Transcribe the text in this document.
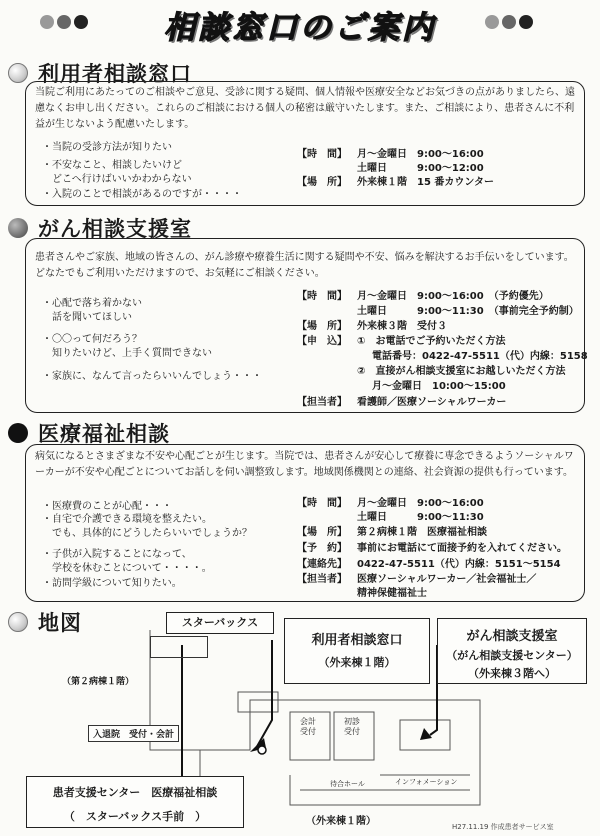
相談窓口のご案内
利用者相談窓口
当院ご利用にあたってのご相談やご意見、受診に関する疑問、個人情報や医療安全などお気づきの点がありましたら、遠慮なくお申し出ください。これらのご相談における個人の秘密は厳守いたします。また、ご相談により、患者さんに不利益が生じないよう配慮いたします。
・当院の受診方法が知りたい
・不安なこと、相談したいけど
　どこへ行けばいいかわからない
・入院のことで相談があるのですが・・・・
【時　間】 月～金曜日　9:00～16:00
土曜日　　　9:00～12:00
【場　所】 外来棟１階　15 番カウンター
がん相談支援室
患者さんやご家族、地域の皆さんの、がん診療や療養生活に関する疑問や不安、悩みを解決するお手伝いをしています。どなたでもご利用いただけますので、お気軽にご相談ください。
・心配で落ち着かない
　話を聞いてほしい
・〇〇って何だろう？
　知りたいけど、上手く質問できない
・家族に、なんて言ったらいいんでしょう・・・
【時　間】 月～金曜日　9:00～16:00　（予約優先）
土曜日　　　9:00～11:30　（事前完全予約制）
【場　所】 外来棟３階　受付３
【申　込】 ①　お電話でご予約いただく方法
電話番号：0422-47-5511（代）内線：5158
②　直接がん相談支援室にお越しいただく方法
月～金曜日　10:00～15:00
【担当者】 看護師／医療ソーシャルワーカー
医療福祉相談
病気になるとさまざまな不安や心配ごとが生じます。当院では、患者さんが安心して療養に専念できるようソーシャルワーカーが不安や心配ごとについてお話しを伺い調整致します。地域関係機関との連絡、社会資源の提供も行っています。
・医療費のことが心配・・・
・自宅で介護できる環境を整えたい。
　でも、具体的にどうしたらいいでしょうか？
・子供が入院することになって、
　学校を休むことについて・・・・。
・訪問学級について知りたい。
【時　間】 月～金曜日　9:00～16:00
土曜日　　　9:00～11:30
【場　所】 第２病棟１階　医療福祉相談
【予　約】 事前にお電話にて面接予約を入れてください。
【連絡先】 0422-47-5511（代）内線：5151～5154
【担当者】 医療ソーシャルワーカー／社会福祉士／
精神保健福祉士
地図	スターバックス
利用者相談窓口
（外来棟１階）
がん相談支援室
（がん相談支援センター）
（外来棟３階へ）
（第２病棟１階）
入退院　受付・会計
会計受付
初診受付
待合ホール	インフォメーション
患者支援センター　医療福祉相談
（　スターバックス手前　）	（外来棟１階）	H27.11.19 作成患者サービス室
